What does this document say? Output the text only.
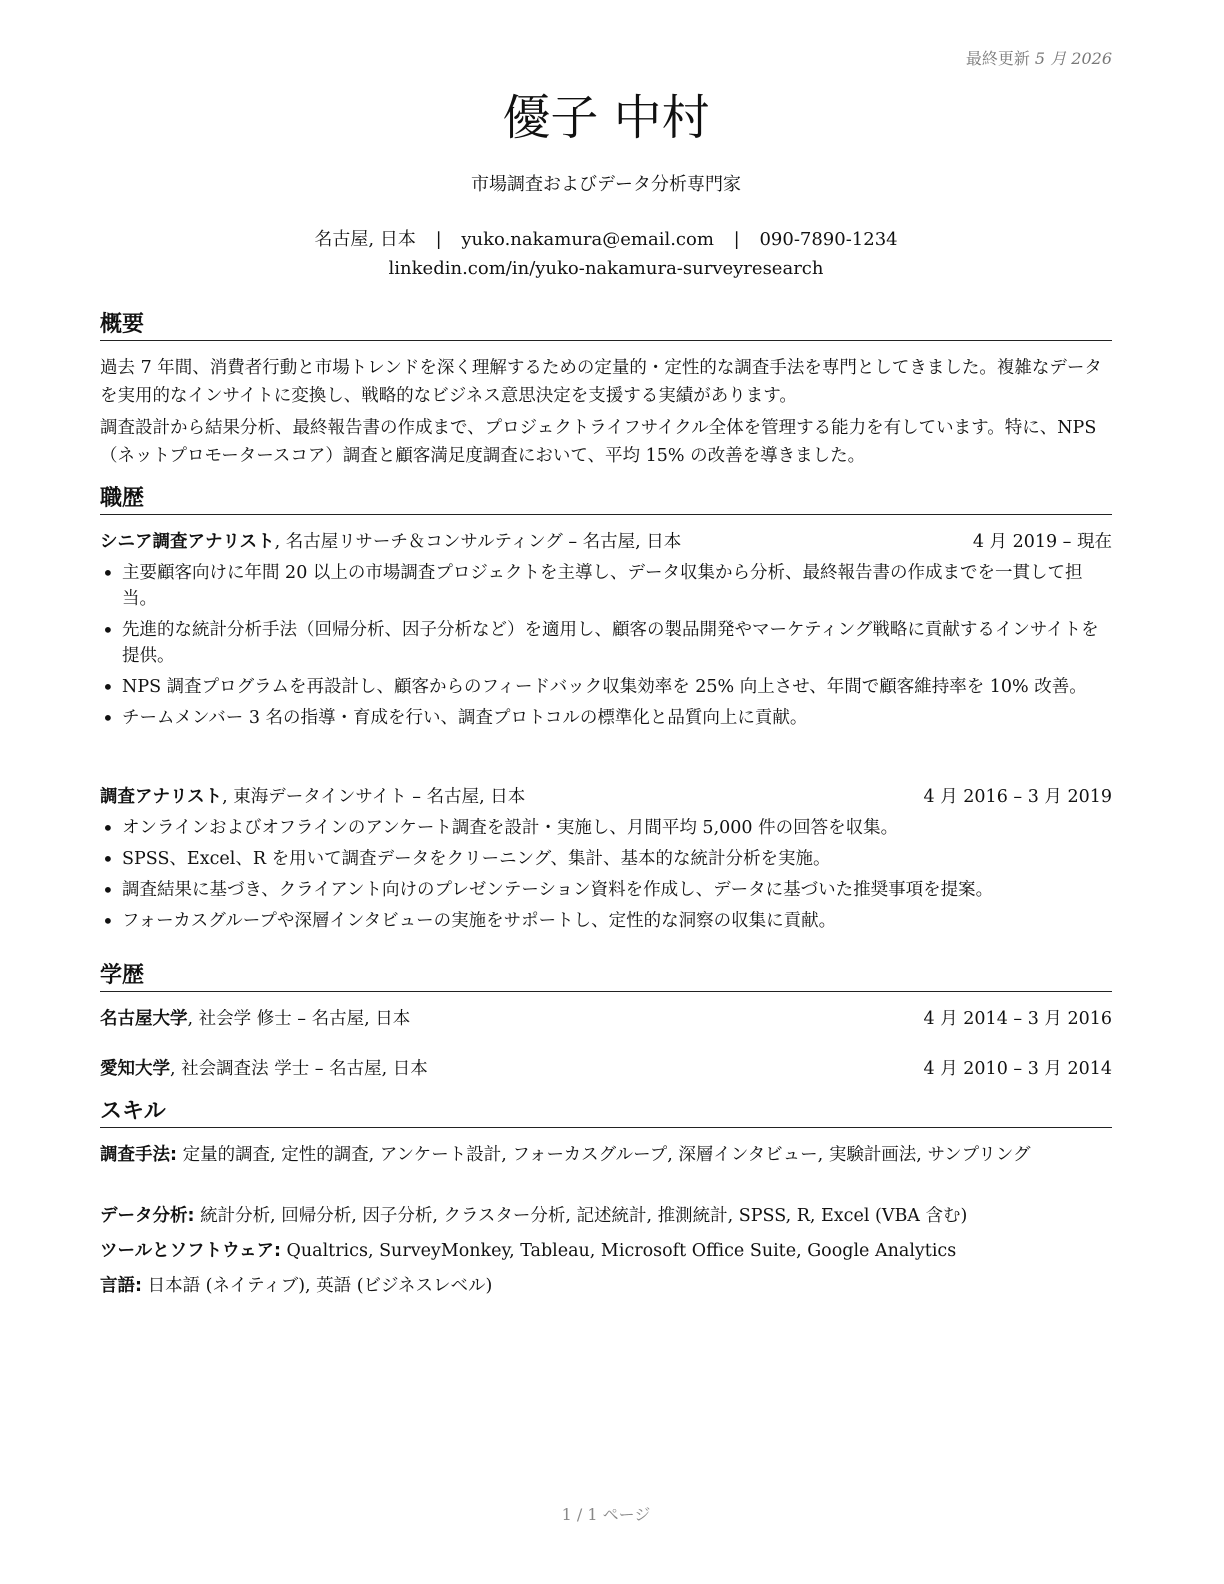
最終更新 5 月 2026
優子 中村
市場調査およびデータ分析専門家
名古屋, 日本 | yuko.nakamura@email.com | 090-7890-1234
linkedin.com/in/yuko-nakamura-surveyresearch
概要
過去 7 年間、消費者行動と市場トレンドを深く理解するための定量的・定性的な調査手法を専門としてきました。複雑なデータを実用的なインサイトに変換し、戦略的なビジネス意思決定を支援する実績があります。
調査設計から結果分析、最終報告書の作成まで、プロジェクトライフサイクル全体を管理する能力を有しています。特に、NPS（ネットプロモータースコア）調査と顧客満足度調査において、平均 15% の改善を導きました。
職歴
シニア調査アナリスト, 名古屋リサーチ＆コンサルティング – 名古屋, 日本	4 月 2019 – 現在
• 主要顧客向けに年間 20 以上の市場調査プロジェクトを主導し、データ収集から分析、最終報告書の作成までを一貫して担当。
• 先進的な統計分析手法（回帰分析、因子分析など）を適用し、顧客の製品開発やマーケティング戦略に貢献するインサイトを提供。
• NPS 調査プログラムを再設計し、顧客からのフィードバック収集効率を 25% 向上させ、年間で顧客維持率を 10% 改善。
• チームメンバー 3 名の指導・育成を行い、調査プロトコルの標準化と品質向上に貢献。
調査アナリスト, 東海データインサイト – 名古屋, 日本	4 月 2016 – 3 月 2019
• オンラインおよびオフラインのアンケート調査を設計・実施し、月間平均 5,000 件の回答を収集。
• SPSS、Excel、R を用いて調査データをクリーニング、集計、基本的な統計分析を実施。
• 調査結果に基づき、クライアント向けのプレゼンテーション資料を作成し、データに基づいた推奨事項を提案。
• フォーカスグループや深層インタビューの実施をサポートし、定性的な洞察の収集に貢献。
学歴
名古屋大学, 社会学 修士 – 名古屋, 日本	4 月 2014 – 3 月 2016
愛知大学, 社会調査法 学士 – 名古屋, 日本	4 月 2010 – 3 月 2014
スキル
調査手法: 定量的調査, 定性的調査, アンケート設計, フォーカスグループ, 深層インタビュー, 実験計画法, サンプリング
データ分析: 統計分析, 回帰分析, 因子分析, クラスター分析, 記述統計, 推測統計, SPSS, R, Excel (VBA 含む)
ツールとソフトウェア: Qualtrics, SurveyMonkey, Tableau, Microsoft Office Suite, Google Analytics
言語: 日本語 (ネイティブ), 英語 (ビジネスレベル)
1 / 1 ページ
